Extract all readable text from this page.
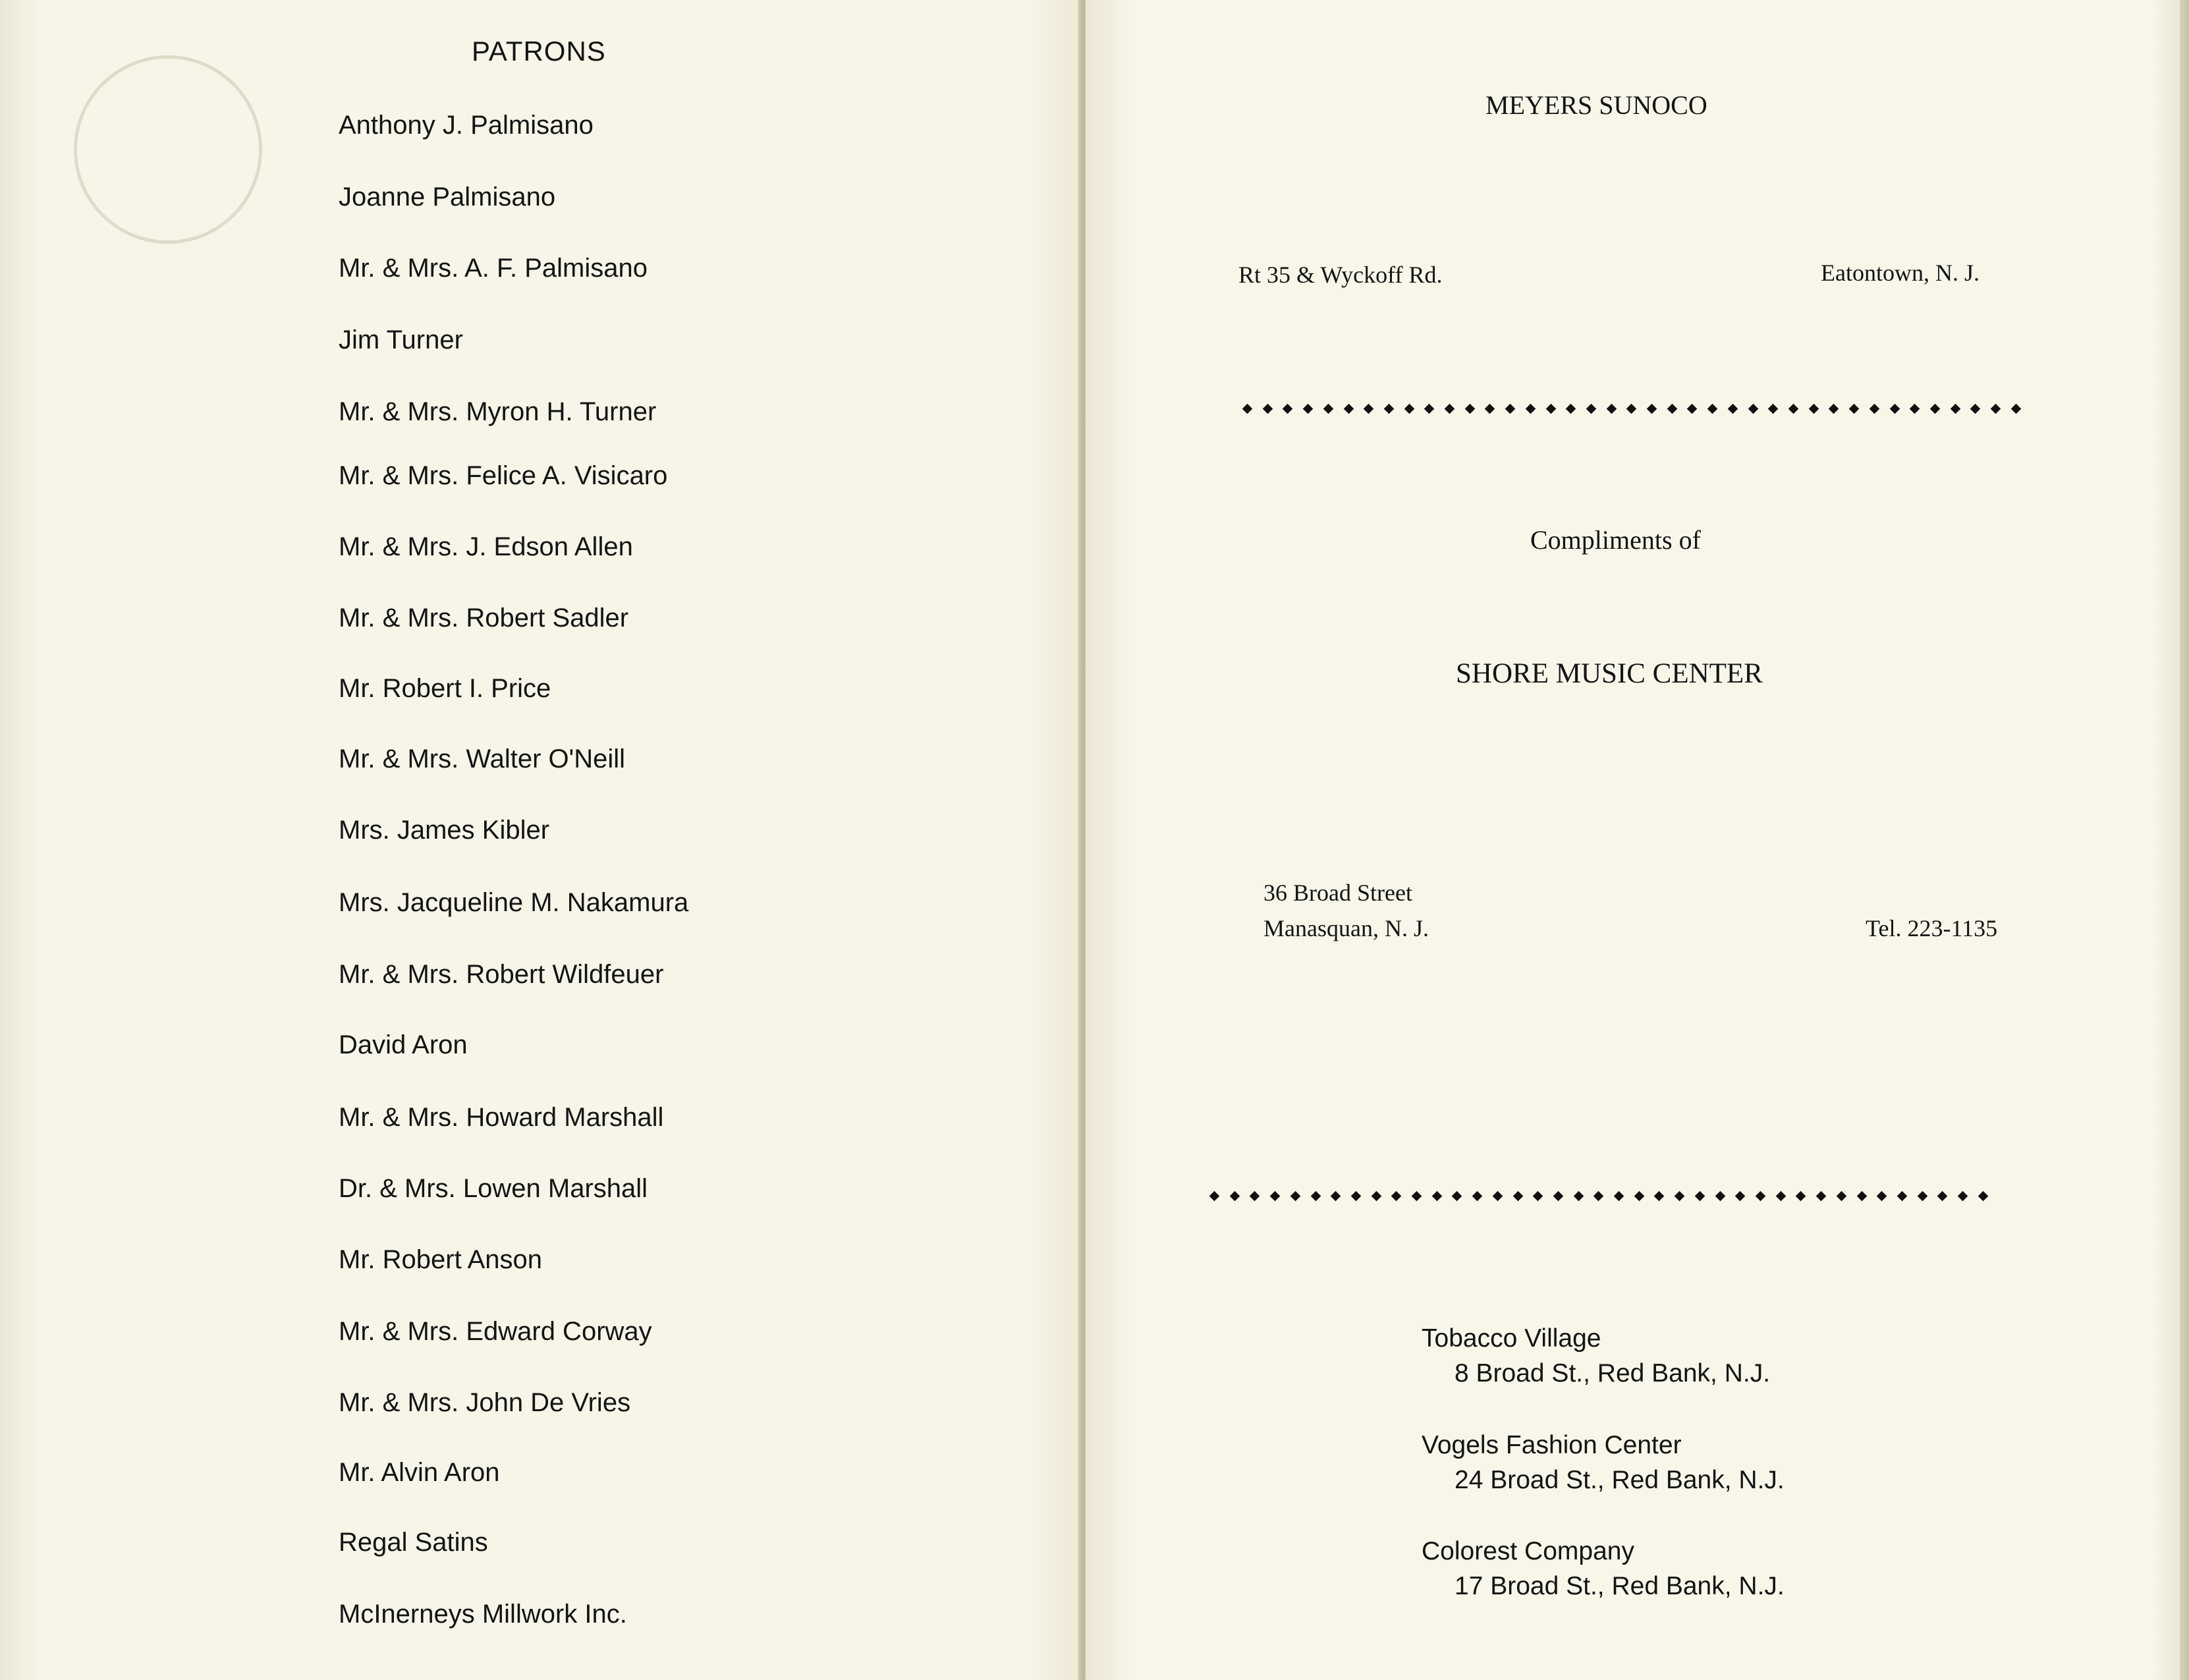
PATRONS
Anthony J. Palmisano
Joanne Palmisano
Mr. & Mrs. A. F. Palmisano
Jim Turner
Mr. & Mrs. Myron H. Turner
Mr. & Mrs. Felice A. Visicaro
Mr. & Mrs. J. Edson Allen
Mr. & Mrs. Robert Sadler
Mr. Robert I. Price
Mr. & Mrs. Walter O'Neill
Mrs. James Kibler
Mrs. Jacqueline M. Nakamura
Mr. & Mrs. Robert Wildfeuer
David Aron
Mr. & Mrs. Howard Marshall
Dr. & Mrs. Lowen Marshall
Mr. Robert Anson
Mr. & Mrs. Edward Corway
Mr. & Mrs. John De Vries
Mr. Alvin Aron
Regal Satins
McInerneys Millwork Inc.
MEYERS SUNOCO
Rt 35 & Wyckoff Rd.	Eatontown, N. J.
Compliments of
SHORE MUSIC CENTER
36 Broad Street
Manasquan, N. J.	Tel. 223-1135
Tobacco Village
8 Broad St., Red Bank, N.J.
Vogels Fashion Center
24 Broad St., Red Bank, N.J.
Colorest Company
17 Broad St., Red Bank, N.J.
